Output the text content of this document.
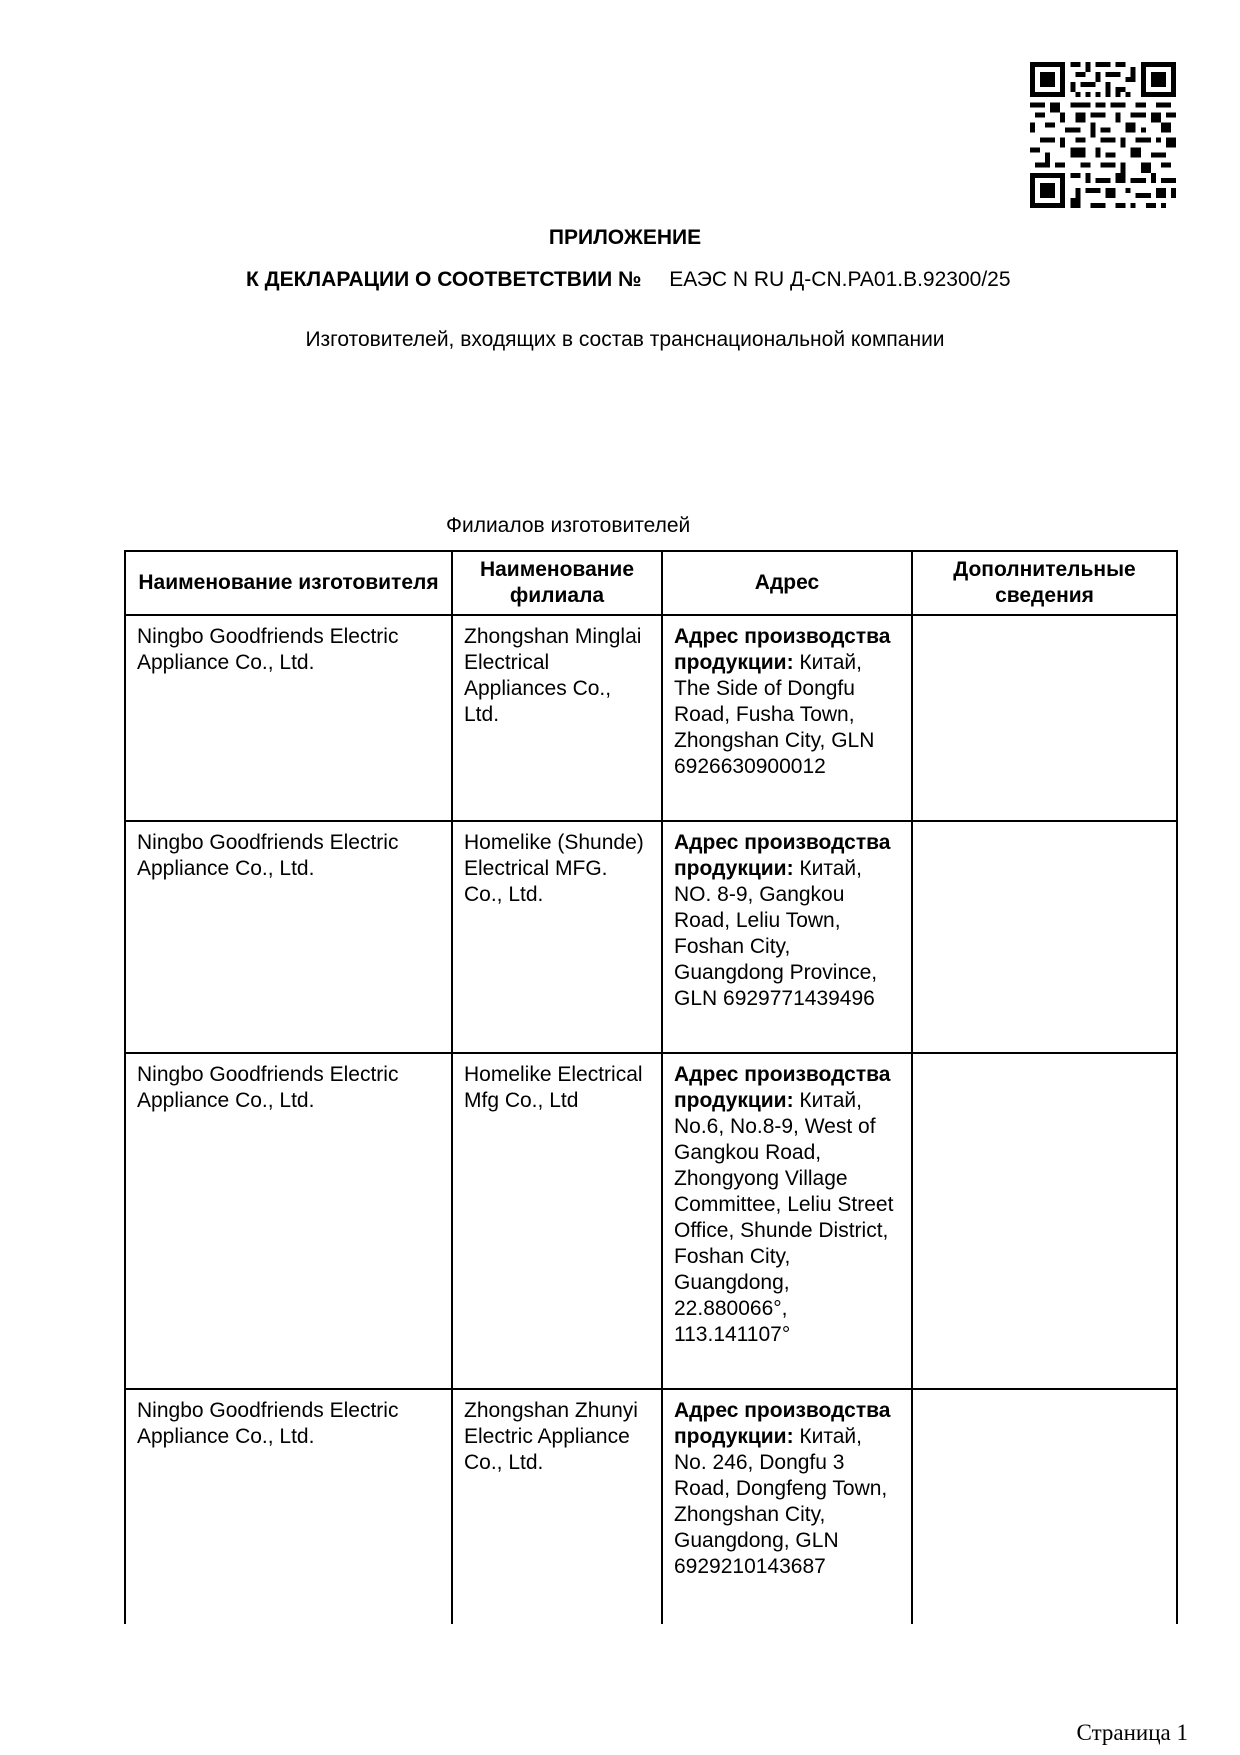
ПРИЛОЖЕНИЕ
К ДЕКЛАРАЦИИ О СООТВЕТСТВИИ № ЕАЭС N RU Д-CN.PA01.B.92300/25
Изготовителей, входящих в состав транснациональной компании
Филиалов изготовителей
Наименование изготовителя	Наименование филиала	Адрес	Дополнительные сведения
Ningbo Goodfriends Electric Appliance Co., Ltd.	Zhongshan Minglai Electrical Appliances Co., Ltd.	Адрес производства продукции: Китай, The Side of Dongfu Road, Fusha Town, Zhongshan City, GLN 6926630900012	
Ningbo Goodfriends Electric Appliance Co., Ltd.	Homelike (Shunde) Electrical MFG. Co., Ltd.	Адрес производства продукции: Китай, NO. 8-9, Gangkou Road, Leliu Town, Foshan City, Guangdong Province, GLN 6929771439496	
Ningbo Goodfriends Electric Appliance Co., Ltd.	Homelike Electrical Mfg Co., Ltd	Адрес производства продукции: Китай, No.6, No.8-9, West of Gangkou Road, Zhongyong Village Committee, Leliu Street Office, Shunde District, Foshan City, Guangdong, 22.880066°, 113.141107°	
Ningbo Goodfriends Electric Appliance Co., Ltd.	Zhongshan Zhunyi Electric Appliance Co., Ltd.	Адрес производства продукции: Китай, No. 246, Dongfu 3 Road, Dongfeng Town, Zhongshan City, Guangdong, GLN 6929210143687	
Страница 1
